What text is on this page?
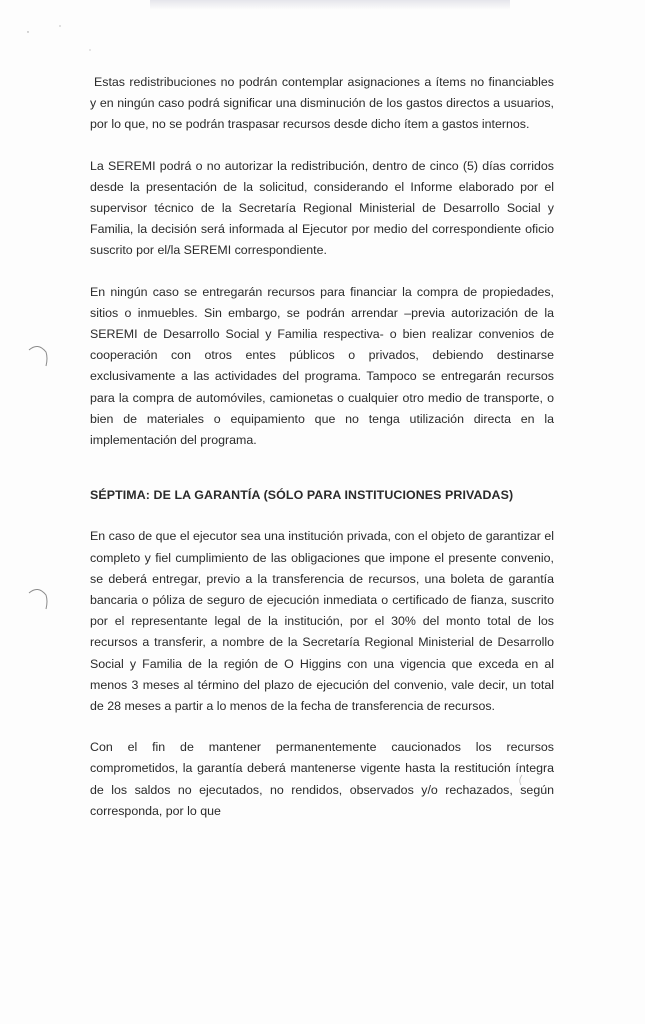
Estas redistribuciones no podrán contemplar asignaciones a ítems no financiables y en ningún caso podrá significar una disminución de los gastos directos a usuarios, por lo que, no se podrán traspasar recursos desde dicho ítem a gastos internos.

La SEREMI podrá o no autorizar la redistribución, dentro de cinco (5) días corridos desde la presentación de la solicitud, considerando el Informe elaborado por el supervisor técnico de la Secretaría Regional Ministerial de Desarrollo Social y Familia, la decisión será informada al Ejecutor por medio del correspondiente oficio suscrito por el/la SEREMI correspondiente.

En ningún caso se entregarán recursos para financiar la compra de propiedades, sitios o inmuebles. Sin embargo, se podrán arrendar –previa autorización de la SEREMI de Desarrollo Social y Familia respectiva- o bien realizar convenios de cooperación con otros entes públicos o privados, debiendo destinarse exclusivamente a las actividades del programa. Tampoco se entregarán recursos para la compra de automóviles, camionetas o cualquier otro medio de transporte, o bien de materiales o equipamiento que no tenga utilización directa en la implementación del programa.

SÉPTIMA: DE LA GARANTÍA (SÓLO PARA INSTITUCIONES PRIVADAS)

En caso de que el ejecutor sea una institución privada, con el objeto de garantizar el completo y fiel cumplimiento de las obligaciones que impone el presente convenio, se deberá entregar, previo a la transferencia de recursos, una boleta de garantía bancaria o póliza de seguro de ejecución inmediata o certificado de fianza, suscrito por el representante legal de la institución, por el 30% del monto total de los recursos a transferir, a nombre de la Secretaría Regional Ministerial de Desarrollo Social y Familia de la región de O Higgins con una vigencia que exceda en al menos 3 meses al término del plazo de ejecución del convenio, vale decir, un total de 28 meses a partir a lo menos de la fecha de transferencia de recursos.

Con el fin de mantener permanentemente caucionados los recursos comprometidos, la garantía deberá mantenerse vigente hasta la restitución íntegra de los saldos no ejecutados, no rendidos, observados y/o rechazados, según corresponda, por lo que
